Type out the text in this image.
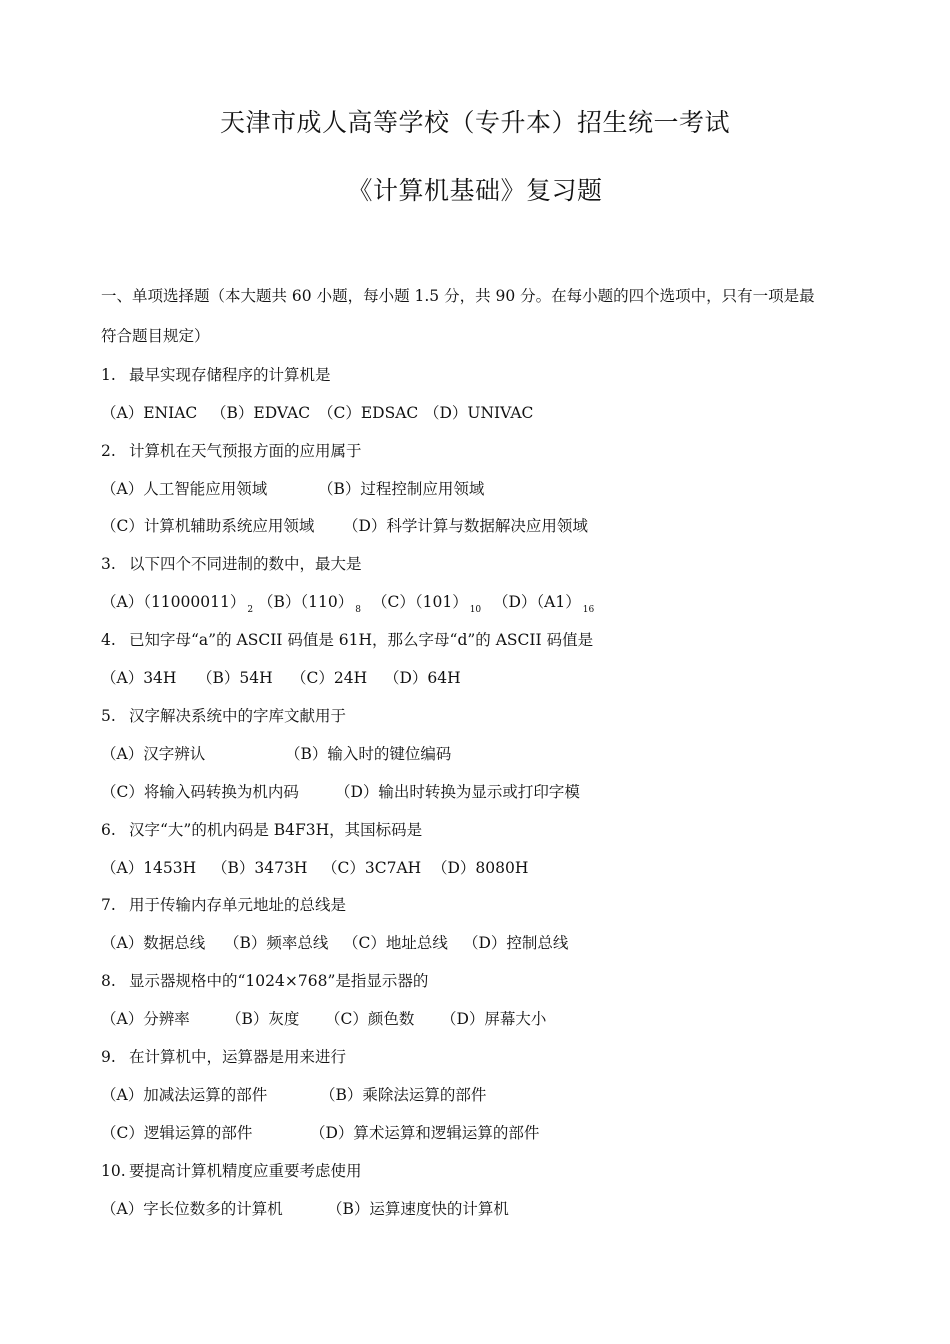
天津市成人高等学校（专升本）招生统一考试
《计算机基础》复习题
一、单项选择题（本大题共 60 小题，每小题 1.5 分，共 90 分。在每小题的四个选项中，只有一项是最
符合题目规定）
1. 最早实现存储程序的计算机是
（A）ENIAC （B）EDVAC （C）EDSAC （D）UNIVAC
2. 计算机在天气预报方面的应用属于
（A）人工智能应用领域	（B）过程控制应用领域
（C）计算机辅助系统应用领域 （D）科学计算与数据解决应用领域
3. 以下四个不同进制的数中，最大是
（A）（11000011） $_2$ （B）（110） $_8$ （C）（101） $_{10}$ （D）（A1） $_{16}$
4. 已知字母“a”的 ASCII 码值是 61H，那么字母“d”的 ASCII 码值是
（A）34H （B）54H （C）24H （D）64H
5. 汉字解决系统中的字库文献用于
（A）汉字辨认	（B）输入时的键位编码
（C）将输入码转换为机内码 （D）输出时转换为显示或打印字模
6. 汉字“大”的机内码是 B4F3H，其国标码是
（A）1453H （B）3473H （C）3C7AH （D）8080H
7. 用于传输内存单元地址的总线是
（A）数据总线 （B）频率总线 （C）地址总线 （D）控制总线
8. 显示器规格中的“1024×768”是指显示器的
（A）分辨率 （B）灰度 （C）颜色数 （D）屏幕大小
9. 在计算机中，运算器是用来进行
（A）加减法运算的部件	（B）乘除法运算的部件
（C）逻辑运算的部件	（D）算术运算和逻辑运算的部件
10. 要提高计算机精度应重要考虑使用
（A）字长位数多的计算机	（B）运算速度快的计算机
